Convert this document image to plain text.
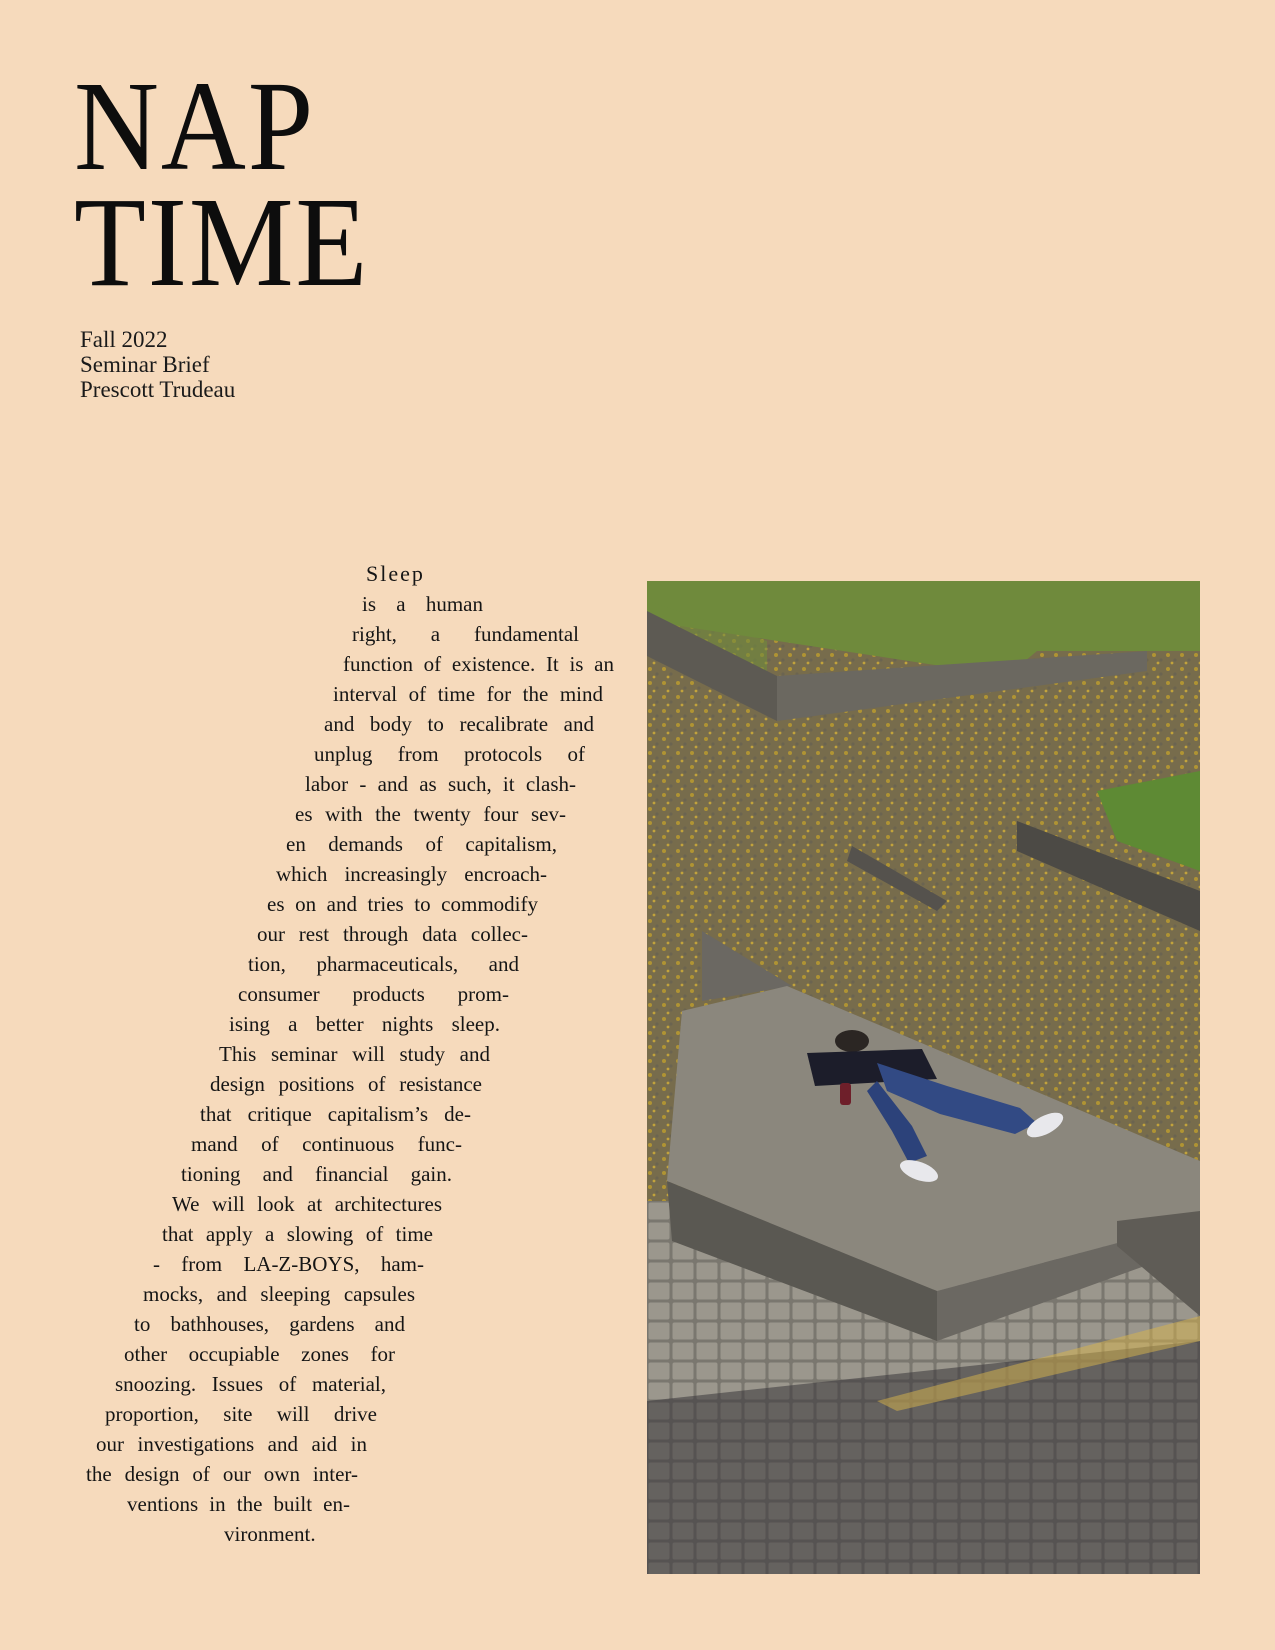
NAP
TIME
Fall 2022
Seminar Brief
Prescott Trudeau
Sleep
is a human
right, a fundamental
function of existence. It is an
interval of time for the mind
and body to recalibrate and
unplug from protocols of
labor - and as such, it clash-
es with the twenty four sev-
en demands of capitalism,
which increasingly encroach-
es on and tries to commodify
our rest through data collec-
tion, pharmaceuticals, and
consumer products prom-
ising a better nights sleep.
This seminar will study and
design positions of resistance
that critique capitalism’s de-
mand of continuous func-
tioning and financial gain.
We will look at architectures
that apply a slowing of time
- from LA-Z-BOYS, ham-
mocks, and sleeping capsules
to bathhouses, gardens and
other occupiable zones for
snoozing. Issues of material,
proportion, site will drive
our investigations and aid in
the design of our own inter-
ventions in the built en-
vironment.
